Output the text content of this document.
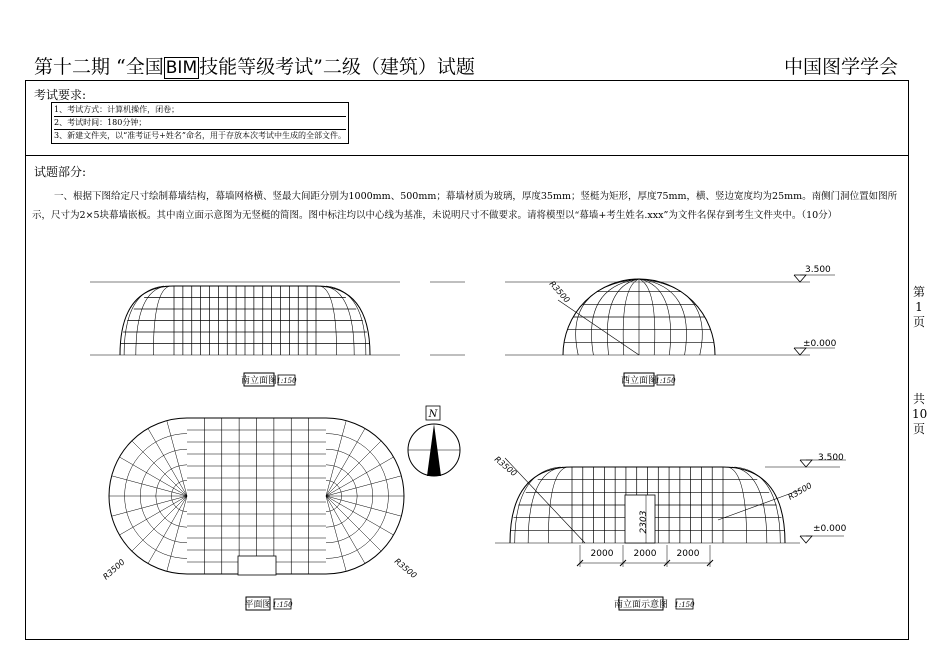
第十二期 “全国 BIM 技能等级考试”二级（建筑）试题	中国图学学会
考试要求:
1、考试方式：计算机操作，闭卷；
2、考试时间：180分钟；
3、新建文件夹，以“准考证号+姓名”命名，用于存放本次考试中生成的全部文件。
试题部分:
一、根据下图给定尺寸绘制幕墙结构，幕墙网格横、竖最大间距分别为1000mm、500mm；幕墙材质为玻璃，厚度35mm；竖梃为矩形，厚度75mm，横、竖边宽度均为25mm。南侧门洞位置如图所示，尺寸为2×5块幕墙嵌板。其中南立面示意图为无竖梃的简图。图中标注均以中心线为基准，未说明尺寸不做要求。请将模型以“幕墙+考生姓名.xxx”为文件名保存到考生文件夹中。（10分）
第
1
页
共
10
页
南立面图 1:150
3.500
±0.000
R3500
西立面图
1:150
R3500	R3500
平面图 1:150
N
3.500
±0.000
R3500
R3500
2303
2000 2000 2000
南立面示意图 1:150
